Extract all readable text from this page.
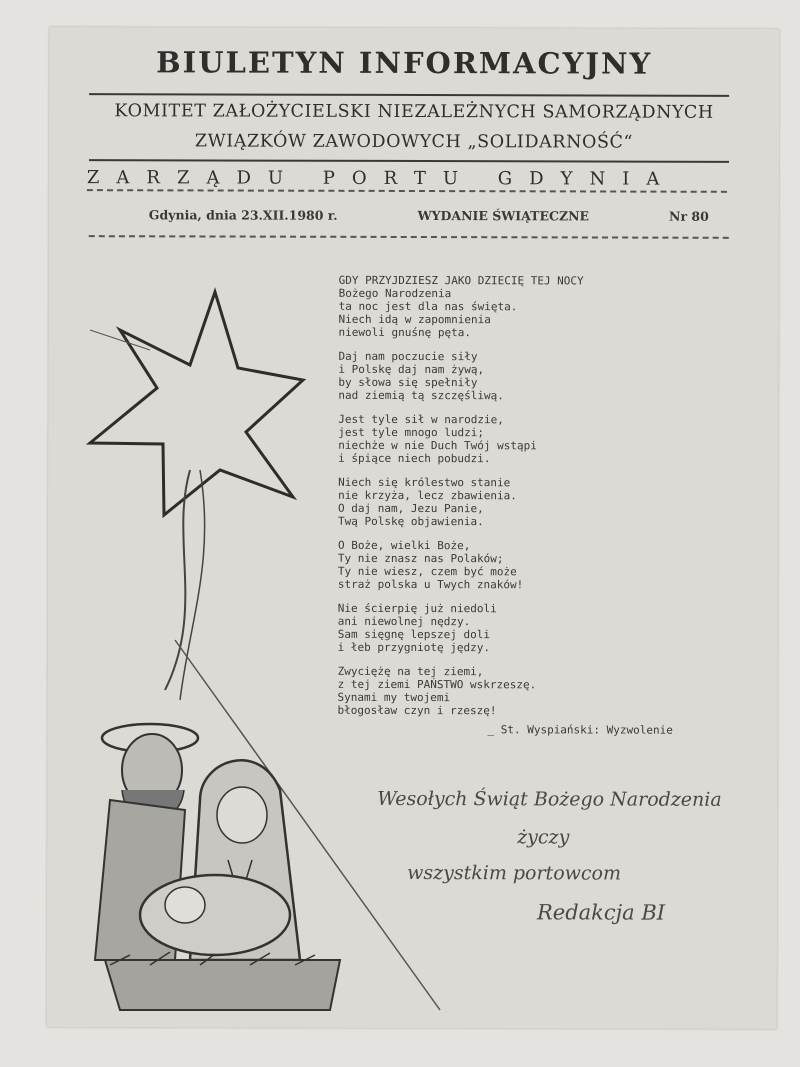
BIULETYN INFORMACYJNY
KOMITET ZAŁOŻYCIELSKI NIEZALEŻNYCH SAMORZĄDNYCH
ZWIĄZKÓW ZAWODOWYCH „SOLIDARNOŚĆ“
ZARZĄDU PORTU GDYNIA
Gdynia, dnia 23.XII.1980 r.	WYDANIE ŚWIĄTECZNE	Nr 80
GDY PRZYJDZIESZ JAKO DZIECIĘ TEJ NOCY
Bożego Narodzenia
ta noc jest dla nas święta.
Niech idą w zapomnienia
niewoli gnuśnę pęta.
Daj nam poczucie siły
i Polskę daj nam żywą,
by słowa się spełniły
nad ziemią tą szczęśliwą.
Jest tyle sił w narodzie,
jest tyle mnogo ludzi;
niechże w nie Duch Twój wstąpi
i śpiące niech pobudzi.
Niech się królestwo stanie
nie krzyża, lecz zbawienia.
O daj nam, Jezu Panie,
Twą Polskę objawienia.
O Boże, wielki Boże,
Ty nie znasz nas Polaków;
Ty nie wiesz, czem być może
straż polska u Twych znaków!
Nie ścierpię już niedoli
ani niewolnej nędzy.
Sam sięgnę lepszej doli
i łeb przygniotę jędzy.
Zwyciężę na tej ziemi,
z tej ziemi PAŃSTWO wskrzeszę.
Synami my twojemi
błogosław czyn i rzeszę!
_ St. Wyspiański: Wyzwolenie
Wesołych Świąt Bożego Narodzenia
życzy
wszystkim portowcom
Redakcja BI
